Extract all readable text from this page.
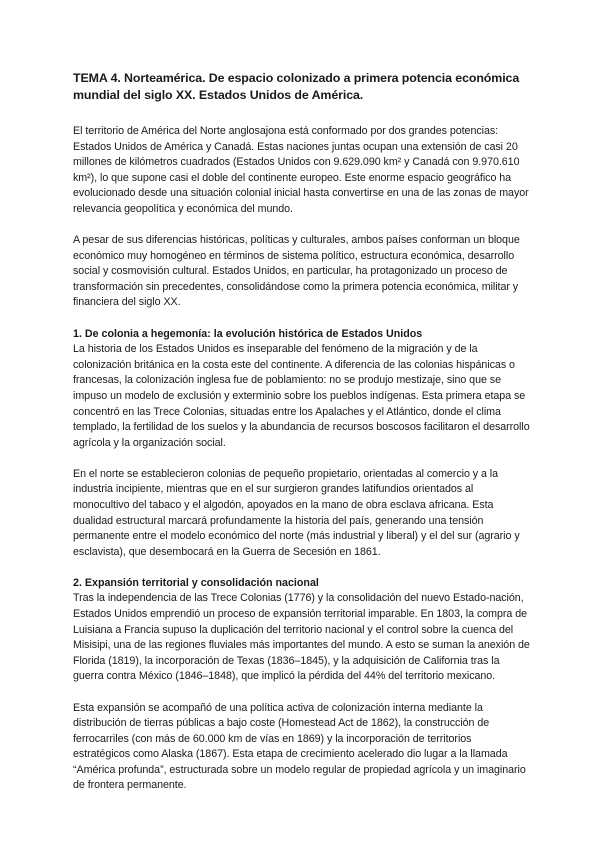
TEMA 4. Norteamérica. De espacio colonizado a primera potencia económica mundial del siglo XX. Estados Unidos de América.

El territorio de América del Norte anglosajona está conformado por dos grandes potencias: Estados Unidos de América y Canadá. Estas naciones juntas ocupan una extensión de casi 20 millones de kilómetros cuadrados (Estados Unidos con 9.629.090 km² y Canadá con 9.970.610 km²), lo que supone casi el doble del continente europeo. Este enorme espacio geográfico ha evolucionado desde una situación colonial inicial hasta convertirse en una de las zonas de mayor relevancia geopolítica y económica del mundo.

A pesar de sus diferencias históricas, políticas y culturales, ambos países conforman un bloque económico muy homogéneo en términos de sistema político, estructura económica, desarrollo social y cosmovisión cultural. Estados Unidos, en particular, ha protagonizado un proceso de transformación sin precedentes, consolidándose como la primera potencia económica, militar y financiera del siglo XX.

1. De colonia a hegemonía: la evolución histórica de Estados Unidos

La historia de los Estados Unidos es inseparable del fenómeno de la migración y de la colonización británica en la costa este del continente. A diferencia de las colonias hispánicas o francesas, la colonización inglesa fue de poblamiento: no se produjo mestizaje, sino que se impuso un modelo de exclusión y exterminio sobre los pueblos indígenas. Esta primera etapa se concentró en las Trece Colonias, situadas entre los Apalaches y el Atlántico, donde el clima templado, la fertilidad de los suelos y la abundancia de recursos boscosos facilitaron el desarrollo agrícola y la organización social.

En el norte se establecieron colonias de pequeño propietario, orientadas al comercio y a la industria incipiente, mientras que en el sur surgieron grandes latifundios orientados al monocultivo del tabaco y el algodón, apoyados en la mano de obra esclava africana. Esta dualidad estructural marcará profundamente la historia del país, generando una tensión permanente entre el modelo económico del norte (más industrial y liberal) y el del sur (agrario y esclavista), que desembocará en la Guerra de Secesión en 1861.

2. Expansión territorial y consolidación nacional

Tras la independencia de las Trece Colonias (1776) y la consolidación del nuevo Estado-nación, Estados Unidos emprendió un proceso de expansión territorial imparable. En 1803, la compra de Luisiana a Francia supuso la duplicación del territorio nacional y el control sobre la cuenca del Misisipi, una de las regiones fluviales más importantes del mundo. A esto se suman la anexión de Florida (1819), la incorporación de Texas (1836–1845), y la adquisición de California tras la guerra contra México (1846–1848), que implicó la pérdida del 44% del territorio mexicano.

Esta expansión se acompañó de una política activa de colonización interna mediante la distribución de tierras públicas a bajo coste (Homestead Act de 1862), la construcción de ferrocarriles (con más de 60.000 km de vías en 1869) y la incorporación de territorios estratégicos como Alaska (1867). Esta etapa de crecimiento acelerado dio lugar a la llamada “América profunda”, estructurada sobre un modelo regular de propiedad agrícola y un imaginario de frontera permanente.
